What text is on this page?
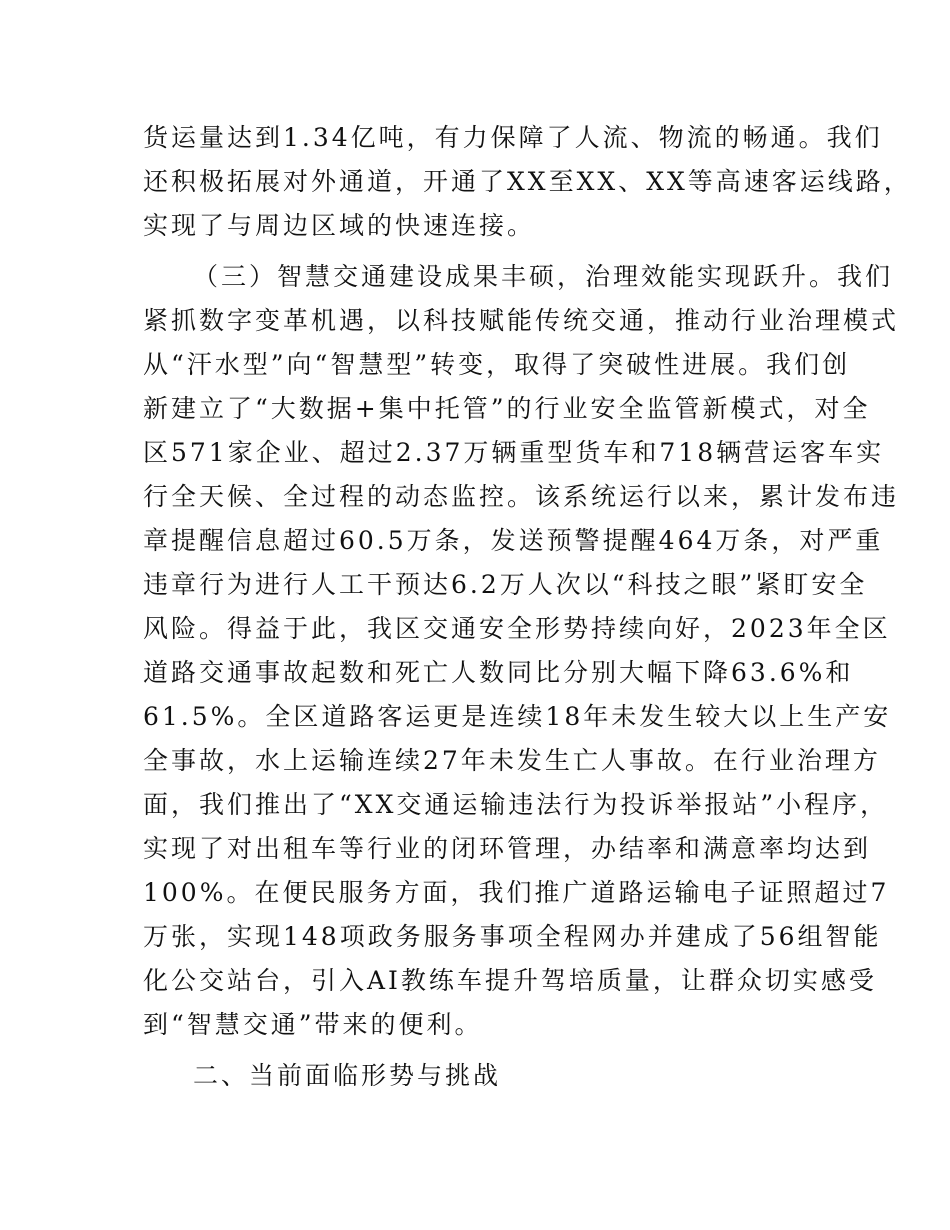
货运量达到1.34亿吨，有力保障了人流、物流的畅通。我们

还积极拓展对外通道，开通了XX至XX、XX等高速客运线路，

实现了与周边区域的快速连接。

（三）智慧交通建设成果丰硕，治理效能实现跃升。我们

紧抓数字变革机遇，以科技赋能传统交通，推动行业治理模式

从“汗水型”向“智慧型”转变，取得了突破性进展。我们创

新建立了“大数据+集中托管”的行业安全监管新模式，对全

区571家企业、超过2.37万辆重型货车和718辆营运客车实

行全天候、全过程的动态监控。该系统运行以来，累计发布违

章提醒信息超过60.5万条，发送预警提醒464万条，对严重

违章行为进行人工干预达6.2万人次以“科技之眼”紧盯安全

风险。得益于此，我区交通安全形势持续向好，2023年全区

道路交通事故起数和死亡人数同比分别大幅下降63.6%和

61.5%。全区道路客运更是连续18年未发生较大以上生产安

全事故，水上运输连续27年未发生亡人事故。在行业治理方

面，我们推出了“XX交通运输违法行为投诉举报站”小程序，

实现了对出租车等行业的闭环管理，办结率和满意率均达到

100%。在便民服务方面，我们推广道路运输电子证照超过7

万张，实现148项政务服务事项全程网办并建成了56组智能

化公交站台，引入AI教练车提升驾培质量，让群众切实感受

到“智慧交通”带来的便利。

二、当前面临形势与挑战
